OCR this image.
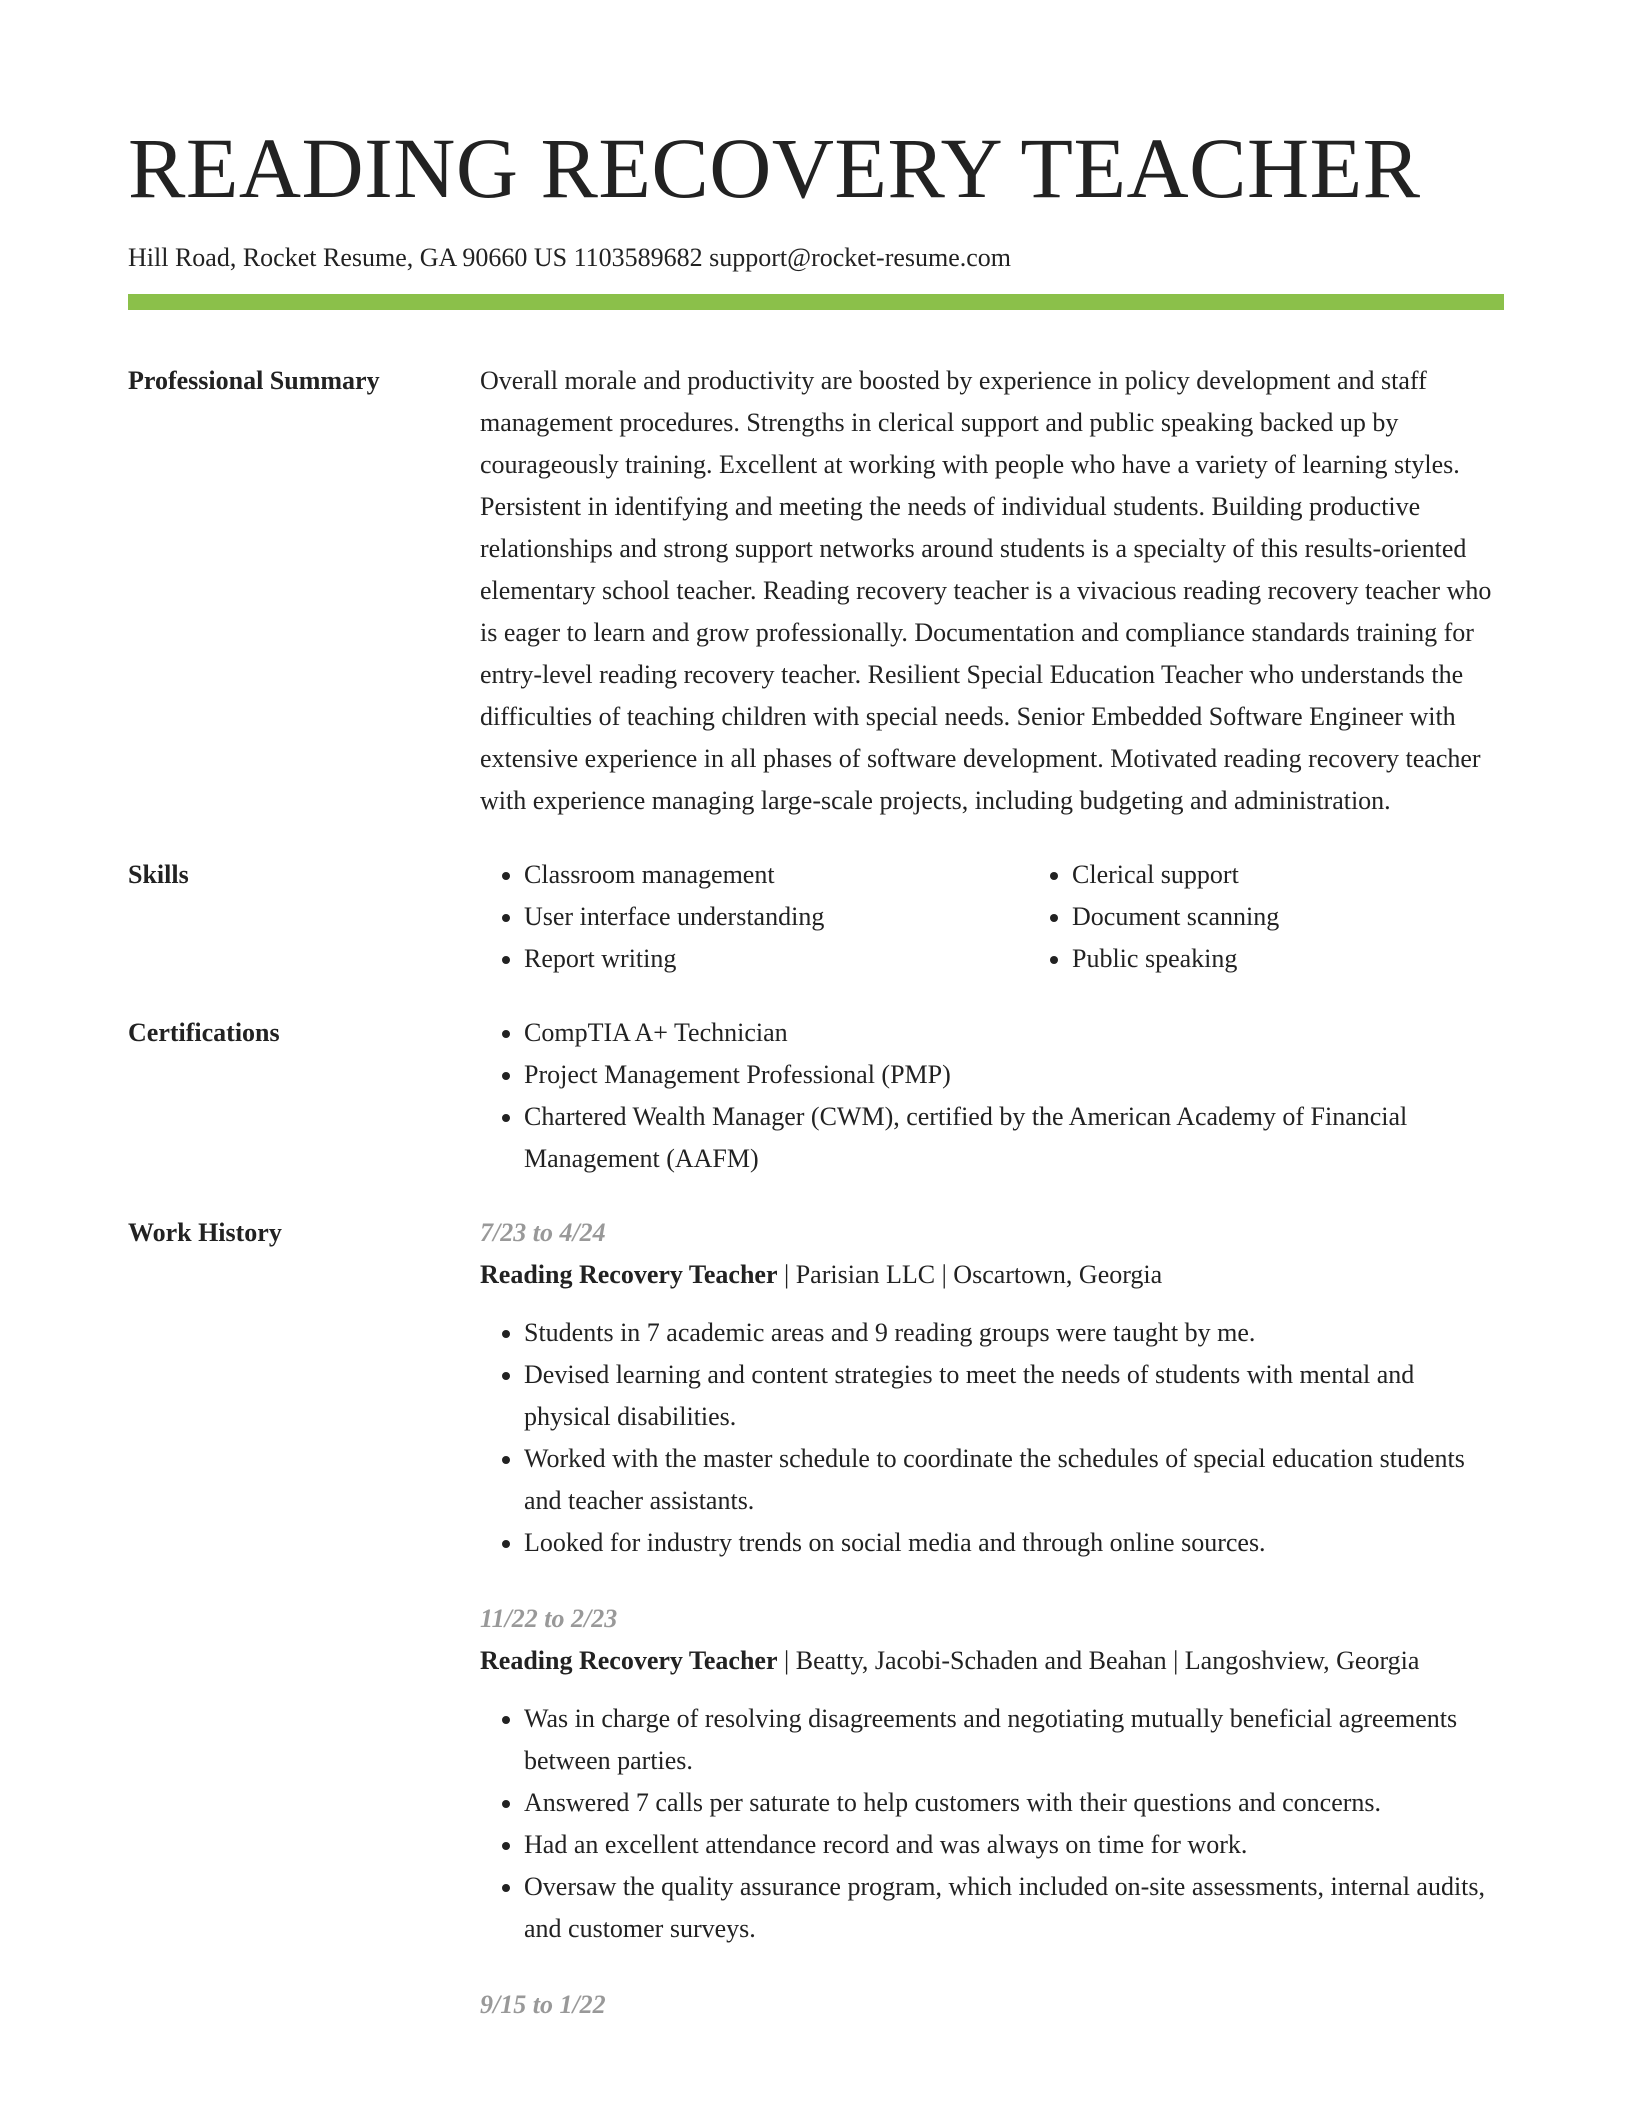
READING RECOVERY TEACHER
Hill Road, Rocket Resume, GA 90660 US 1103589682 support@rocket-resume.com
Professional Summary	Overall morale and productivity are boosted by experience in policy development and staff management procedures. Strengths in clerical support and public speaking backed up by courageously training. Excellent at working with people who have a variety of learning styles. Persistent in identifying and meeting the needs of individual students. Building productive relationships and strong support networks around students is a specialty of this results-oriented elementary school teacher. Reading recovery teacher is a vivacious reading recovery teacher who is eager to learn and grow professionally. Documentation and compliance standards training for entry-level reading recovery teacher. Resilient Special Education Teacher who understands the difficulties of teaching children with special needs. Senior Embedded Software Engineer with extensive experience in all phases of software development. Motivated reading recovery teacher with experience managing large-scale projects, including budgeting and administration.
Skills	• Classroom management
• User interface understanding
• Report writing
• Clerical support
• Document scanning
• Public speaking
Certifications	• CompTIA A+ Technician
• Project Management Professional (PMP)
• Chartered Wealth Manager (CWM), certified by the American Academy of Financial Management (AAFM)
Work History	7/23 to 4/24
Reading Recovery Teacher | Parisian LLC | Oscartown, Georgia
• Students in 7 academic areas and 9 reading groups were taught by me.
• Devised learning and content strategies to meet the needs of students with mental and physical disabilities.
• Worked with the master schedule to coordinate the schedules of special education students and teacher assistants.
• Looked for industry trends on social media and through online sources.
11/22 to 2/23
Reading Recovery Teacher | Beatty, Jacobi-Schaden and Beahan | Langoshview, Georgia
• Was in charge of resolving disagreements and negotiating mutually beneficial agreements between parties.
• Answered 7 calls per saturate to help customers with their questions and concerns.
• Had an excellent attendance record and was always on time for work.
• Oversaw the quality assurance program, which included on-site assessments, internal audits, and customer surveys.
9/15 to 1/22
